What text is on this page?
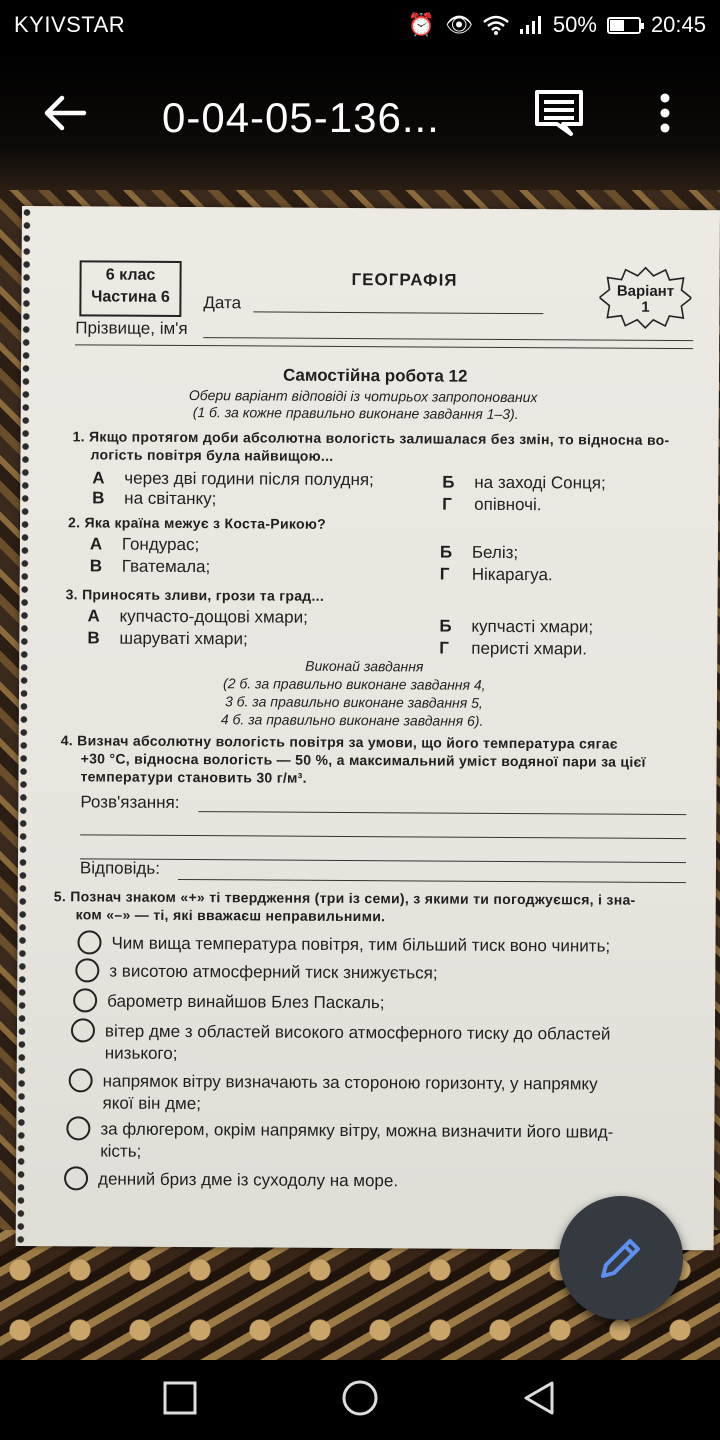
KYIVSTAR	⏰ 👁	50% 20:45
0-04-05-136...
6 клас
Частина 6
ГЕОГРАФІЯ
Дата
Варіант
1
Прізвище, ім'я
Самостійна робота 12
Обери варіант відповіді із чотирьох запропонованих
(1 б. за кожне правильно виконане завдання 1–3).
1. Якщо протягом доби абсолютна вологість залишалася без змін, то відносна во-
логість повітря була найвищою...
А через дві години після полудня;	Б на заході Сонця;
В на світанку;	Г опівночі.
2. Яка країна межує з Коста-Рикою?
А Гондурас;	Б Беліз;
В Гватемала;	Г Нікарагуа.
3. Приносять зливи, грози та град...
А купчасто-дощові хмари;	Б купчасті хмари;
В шаруваті хмари;	Г перисті хмари.
Виконай завдання
(2 б. за правильно виконане завдання 4,
3 б. за правильно виконане завдання 5,
4 б. за правильно виконане завдання 6).
4. Визнач абсолютну вологість повітря за умови, що його температура сягає
+30 °С, відносна вологість — 50 %, а максимальний уміст водяної пари за цієї
температури становить 30 г/м³.
Розв'язання:
Відповідь:
5. Познач знаком «+» ті твердження (три із семи), з якими ти погоджуєшся, і зна-
ком «–» — ті, які вважаєш неправильними.
Чим вища температура повітря, тим більший тиск воно чинить;
з висотою атмосферний тиск знижується;
барометр винайшов Блез Паскаль;
вітер дме з областей високого атмосферного тиску до областей
низького;
напрямок вітру визначають за стороною горизонту, у напрямку
якої він дме;
за флюгером, окрім напрямку вітру, можна визначити його швид-
кість;
денний бриз дме із суходолу на море.
